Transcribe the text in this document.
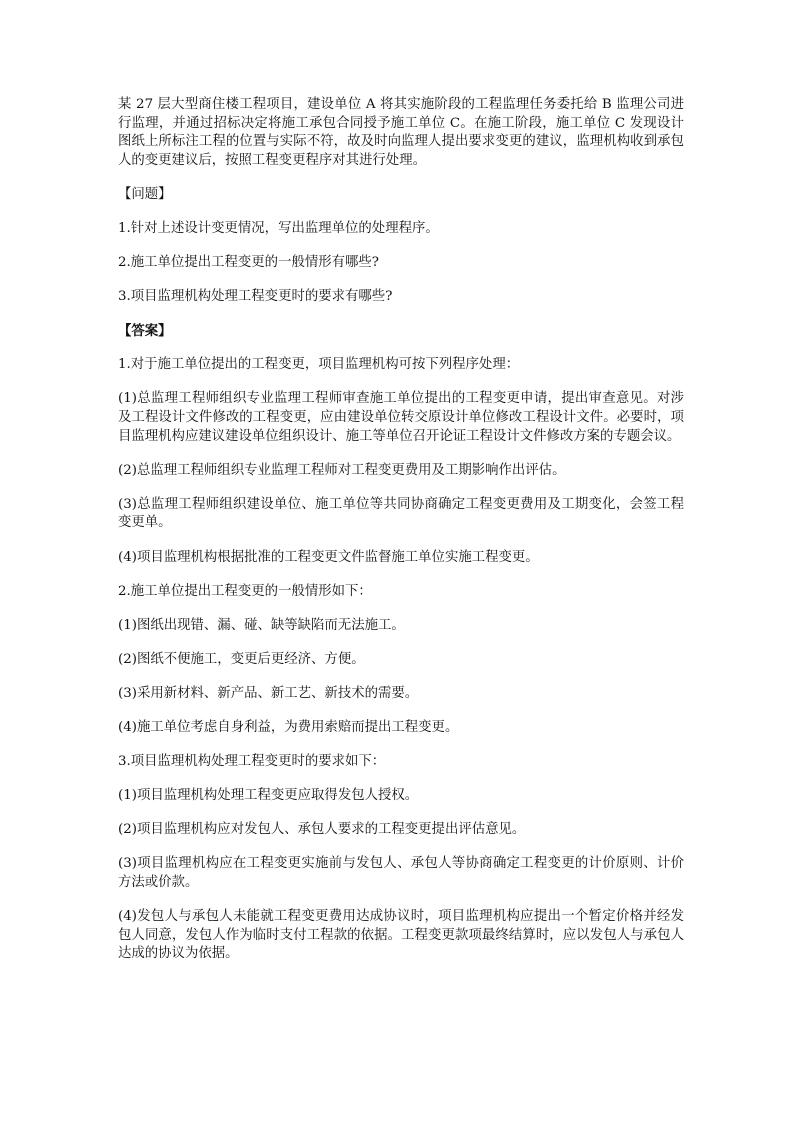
某 27 层大型商住楼工程项目，建设单位 A 将其实施阶段的工程监理任务委托给 B 监理公司进行监理，并通过招标决定将施工承包合同授予施工单位 C。在施工阶段，施工单位 C 发现设计图纸上所标注工程的位置与实际不符，故及时向监理人提出要求变更的建议，监理机构收到承包人的变更建议后，按照工程变更程序对其进行处理。

【问题】

1.针对上述设计变更情况，写出监理单位的处理程序。

2.施工单位提出工程变更的一般情形有哪些?

3.项目监理机构处理工程变更时的要求有哪些?

【答案】

1.对于施工单位提出的工程变更，项目监理机构可按下列程序处理：

(1)总监理工程师组织专业监理工程师审查施工单位提出的工程变更申请，提出审查意见。对涉及工程设计文件修改的工程变更，应由建设单位转交原设计单位修改工程设计文件。必要时，项目监理机构应建议建设单位组织设计、施工等单位召开论证工程设计文件修改方案的专题会议。

(2)总监理工程师组织专业监理工程师对工程变更费用及工期影响作出评估。

(3)总监理工程师组织建设单位、施工单位等共同协商确定工程变更费用及工期变化，会签工程变更单。

(4)项目监理机构根据批准的工程变更文件监督施工单位实施工程变更。

2.施工单位提出工程变更的一般情形如下：

(1)图纸出现错、漏、碰、缺等缺陷而无法施工。

(2)图纸不便施工，变更后更经济、方便。

(3)采用新材料、新产品、新工艺、新技术的需要。

(4)施工单位考虑自身利益，为费用索赔而提出工程变更。

3.项目监理机构处理工程变更时的要求如下：

(1)项目监理机构处理工程变更应取得发包人授权。

(2)项目监理机构应对发包人、承包人要求的工程变更提出评估意见。

(3)项目监理机构应在工程变更实施前与发包人、承包人等协商确定工程变更的计价原则、计价方法或价款。

(4)发包人与承包人未能就工程变更费用达成协议时，项目监理机构应提出一个暂定价格并经发包人同意，发包人作为临时支付工程款的依据。工程变更款项最终结算时，应以发包人与承包人达成的协议为依据。
